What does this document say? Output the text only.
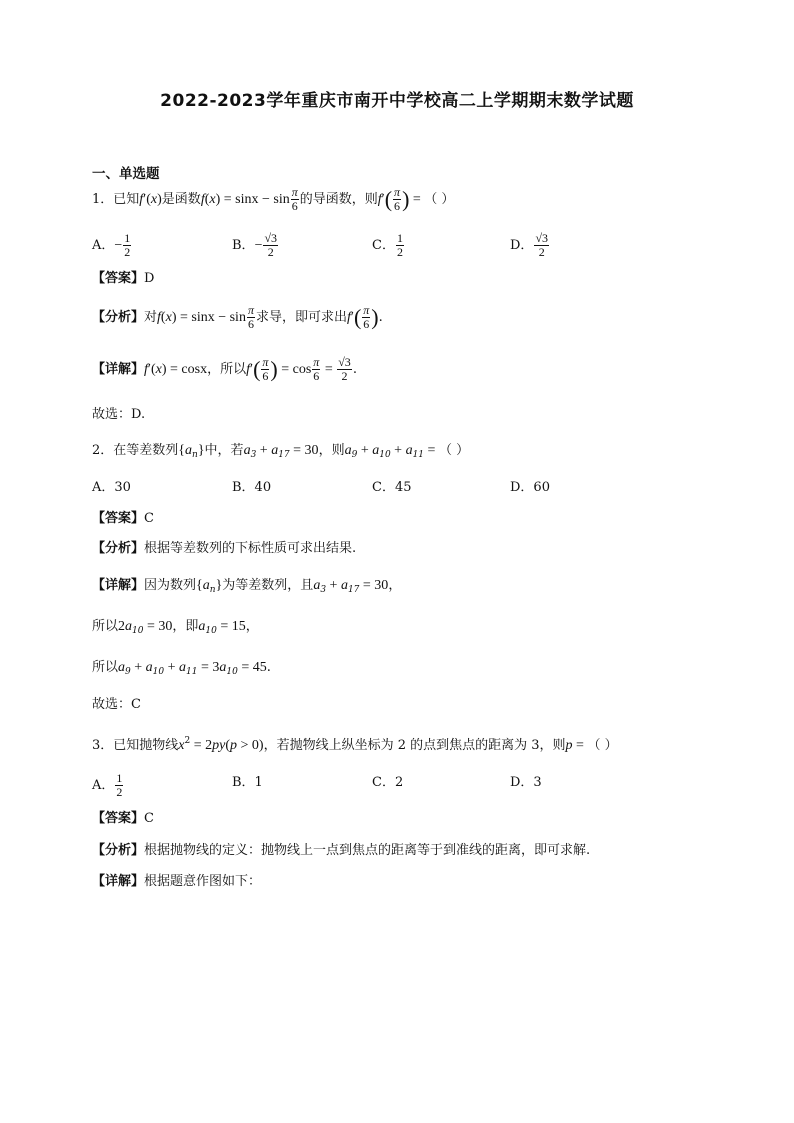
2022-2023学年重庆市南开中学校高二上学期期末数学试题
一、单选题
1．已知f′(x)是函数$f(x) = \sin x - \sin \frac{\pi}{6}$ 的导函数，则$f'( \frac{\pi}{6}$ ) = （ ）
A．− $\frac{1}{2}$	B．− $\frac{√3}{2}$	C． $\frac{1}{2}$	D． $\frac{√3}{2}$
【答案】D
【分析】对$f(x) = \sin x - \sin \frac{\pi}{6}$ 求导，即可求出$f'( \frac{\pi}{6}$ ).
【详解】f′(x) = cosx，所以$f'( \frac{\pi}{6}$ ) = $\cos \frac{\pi}{6} = \frac{√3}{2}$ .
故选：D.
2．在等差数列$\{a_n\}$中，若$a_3 + a_{17} = 30$，则$a_9 + a_{10} + a_{11}$ = （ ）
A．30	B．40	C．45	D．60
【答案】C
【分析】根据等差数列的下标性质可求出结果.
【详解】因为数列$\{a_n\}$为等差数列，且$a_3 + a_{17} = 30$，
所以$2a_{10} = 30$，即$a_{10} = 15$，
所以$a_9 + a_{10} + a_{11} = 3a_{10} = 45$.
故选：C
3．已知抛物线$x^2 = 2py(p > 0)$，若抛物线上纵坐标为 2 的点到焦点的距离为 3，则p = （ ）
A． $\frac{1}{2}$	B．1	C．2	D．3
【答案】C
【分析】根据抛物线的定义：抛物线上一点到焦点的距离等于到准线的距离，即可求解.
【详解】根据题意作图如下：
